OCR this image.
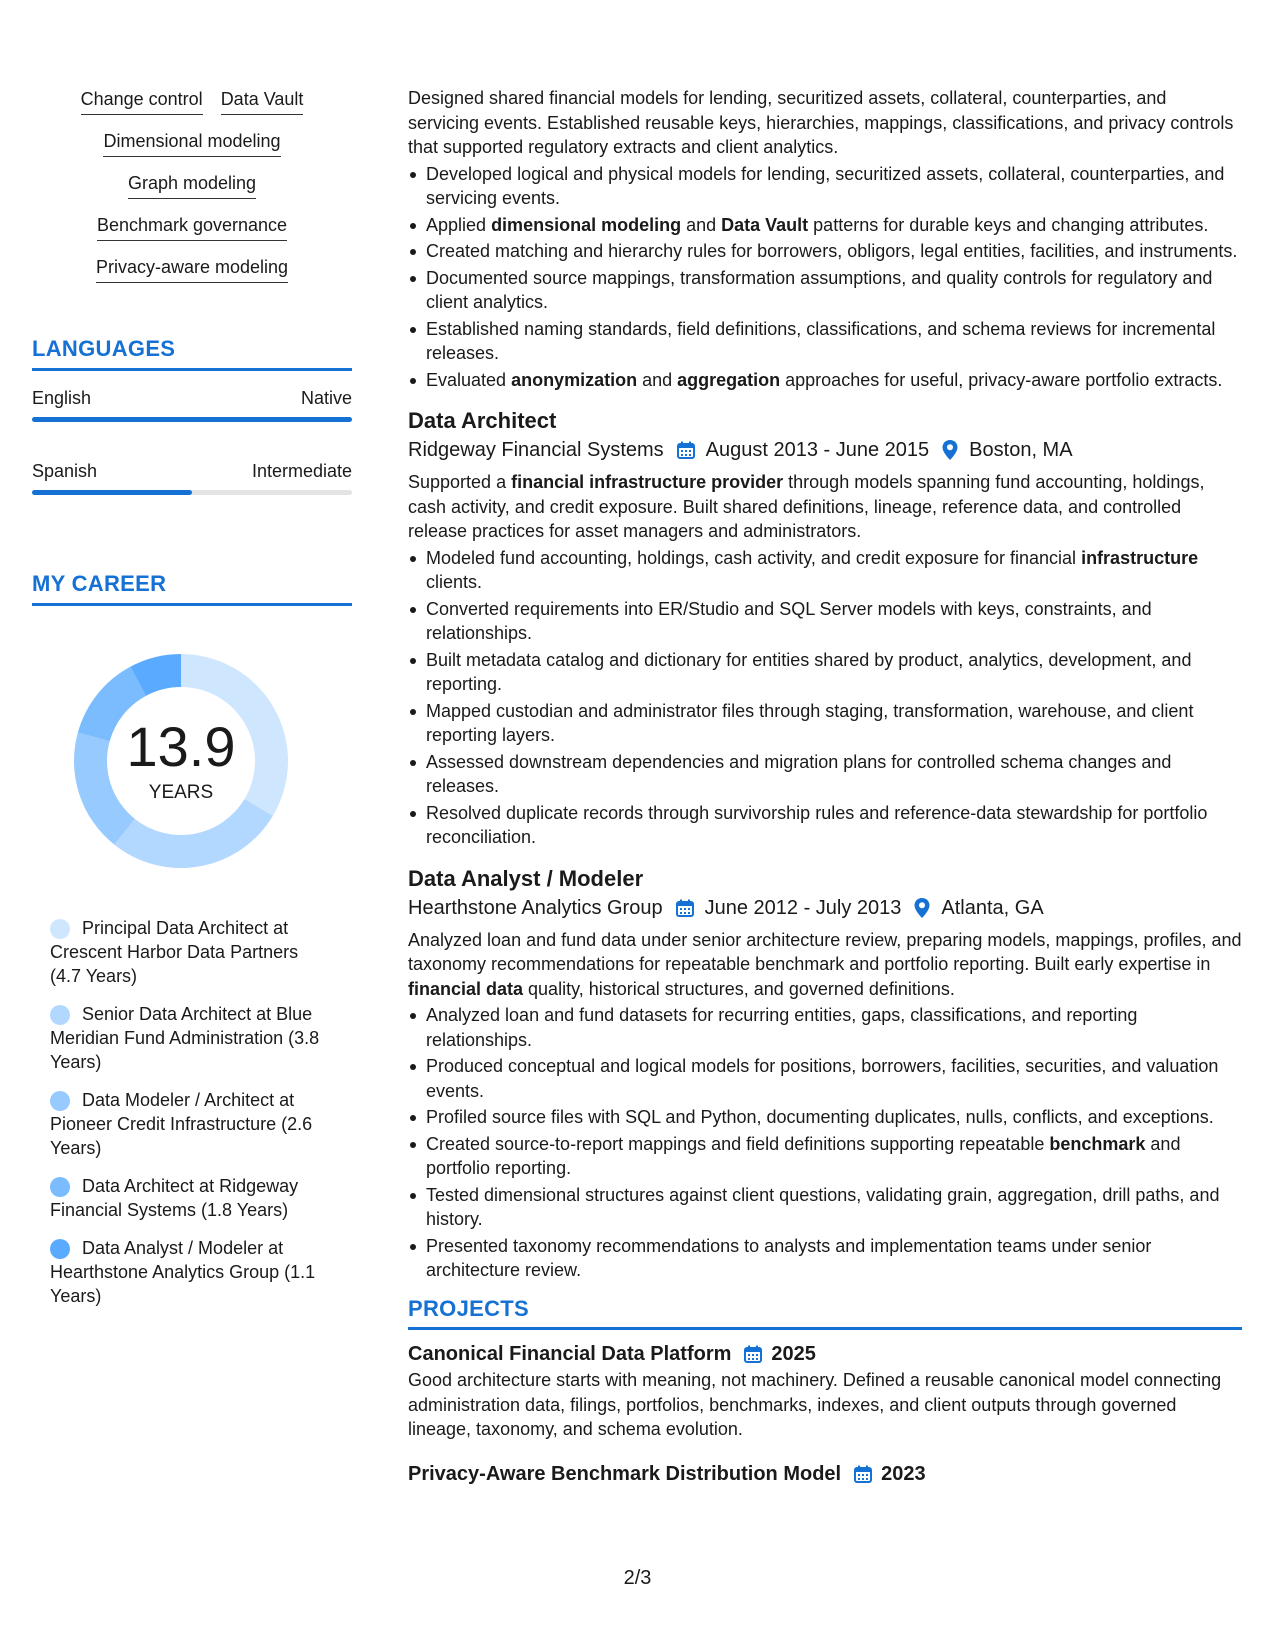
Change control Data Vault
Dimensional modeling
Graph modeling
Benchmark governance
Privacy-aware modeling
LANGUAGES
English	Native
Spanish	Intermediate
MY CAREER
13.9
YEARS
Principal Data Architect at Crescent Harbor Data Partners (4.7 Years)
Senior Data Architect at Blue Meridian Fund Administration (3.8 Years)
Data Modeler / Architect at Pioneer Credit Infrastructure (2.6 Years)
Data Architect at Ridgeway Financial Systems (1.8 Years)
Data Analyst / Modeler at Hearthstone Analytics Group (1.1 Years)
Designed shared financial models for lending, securitized assets, collateral, counterparties, and servicing events. Established reusable keys, hierarchies, mappings, classifications, and privacy controls that supported regulatory extracts and client analytics.
Developed logical and physical models for lending, securitized assets, collateral, counterparties, and servicing events.
Applied dimensional modeling and Data Vault patterns for durable keys and changing attributes.
Created matching and hierarchy rules for borrowers, obligors, legal entities, facilities, and instruments.
Documented source mappings, transformation assumptions, and quality controls for regulatory and client analytics.
Established naming standards, field definitions, classifications, and schema reviews for incremental releases.
Evaluated anonymization and aggregation approaches for useful, privacy-aware portfolio extracts.
Data Architect
Ridgeway Financial Systems August 2013 - June 2015 Boston, MA
Supported a financial infrastructure provider through models spanning fund accounting, holdings, cash activity, and credit exposure. Built shared definitions, lineage, reference data, and controlled release practices for asset managers and administrators.
Modeled fund accounting, holdings, cash activity, and credit exposure for financial infrastructure clients.
Converted requirements into ER/Studio and SQL Server models with keys, constraints, and relationships.
Built metadata catalog and dictionary for entities shared by product, analytics, development, and reporting.
Mapped custodian and administrator files through staging, transformation, warehouse, and client reporting layers.
Assessed downstream dependencies and migration plans for controlled schema changes and releases.
Resolved duplicate records through survivorship rules and reference-data stewardship for portfolio reconciliation.
Data Analyst / Modeler
Hearthstone Analytics Group June 2012 - July 2013 Atlanta, GA
Analyzed loan and fund data under senior architecture review, preparing models, mappings, profiles, and taxonomy recommendations for repeatable benchmark and portfolio reporting. Built early expertise in financial data quality, historical structures, and governed definitions.
Analyzed loan and fund datasets for recurring entities, gaps, classifications, and reporting relationships.
Produced conceptual and logical models for positions, borrowers, facilities, securities, and valuation events.
Profiled source files with SQL and Python, documenting duplicates, nulls, conflicts, and exceptions.
Created source-to-report mappings and field definitions supporting repeatable benchmark and portfolio reporting.
Tested dimensional structures against client questions, validating grain, aggregation, drill paths, and history.
Presented taxonomy recommendations to analysts and implementation teams under senior architecture review.
PROJECTS
Canonical Financial Data Platform 2025
Good architecture starts with meaning, not machinery. Defined a reusable canonical model connecting administration data, filings, portfolios, benchmarks, indexes, and client outputs through governed lineage, taxonomy, and schema evolution.
Privacy-Aware Benchmark Distribution Model 2023
2/3
